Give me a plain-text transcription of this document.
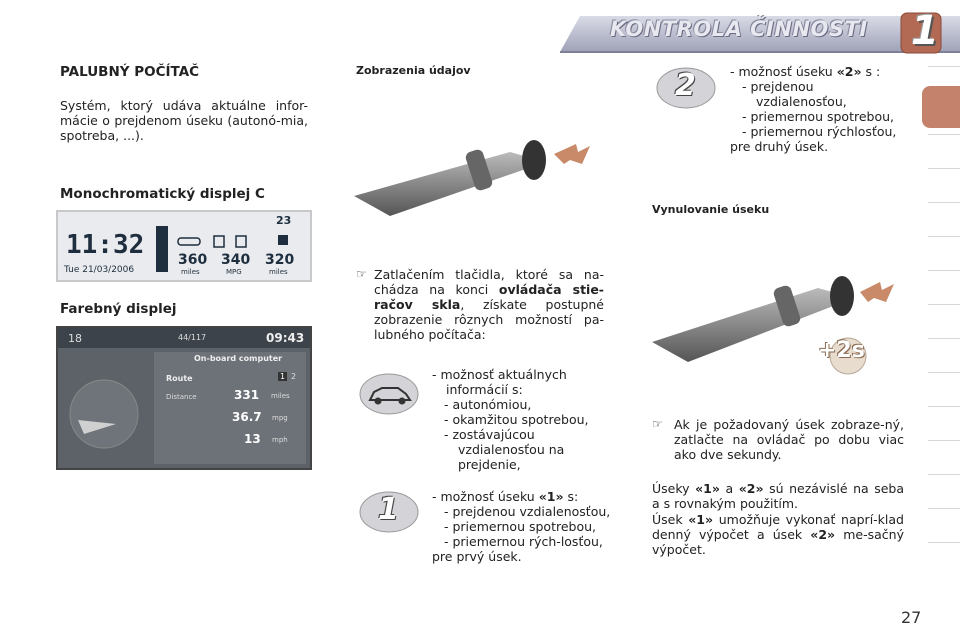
KONTROLA ČINNOSTI 1
PALUBNÝ POČÍTAČ

Systém, ktorý udáva aktuálne infor-mácie o prejdenom úseku (autonó-mia, spotreba, ...).

Monochromatický displej C
11:32
Tue 21/03/2006
23
360 340 320
miles	MPG	miles
Farebný displej
18	44/117	09:43
On-board computer
Route	1 2
Distance	331 miles
36.7 mpg
13 mph
Zobrazenia údajov
☞ Zatlačením tlačidla, ktoré sa na-chádza na konci ovládača stie-račov skla, získate postupné zobrazenie rôznych možností pa-lubného počítača:

- možnosť aktuálnych informácií s:

- autonómiou,

- okamžitou spotrebou,

- zostávajúcou vzdialenosťou na prejdenie,

1	- možnosť úseku «1» s:

- prejdenou vzdialenosťou,

- priemernou spotrebou,

- priemernou rých-losťou,

pre prvý úsek.

2	- možnosť úseku «2» s :

- prejdenou vzdialenosťou,

- priemernou spotrebou,

- priemernou rýchlosťou,

pre druhý úsek.

Vynulovanie úseku
+2s
☞ Ak je požadovaný úsek zobraze-ný, zatlačte na ovládač po dobu viac ako dve sekundy.

Úseky «1» a «2» sú nezávislé na seba a s rovnakým použitím.

Úsek «1» umožňuje vykonať naprí-klad denný výpočet a úsek «2» me-sačný výpočet.

27
